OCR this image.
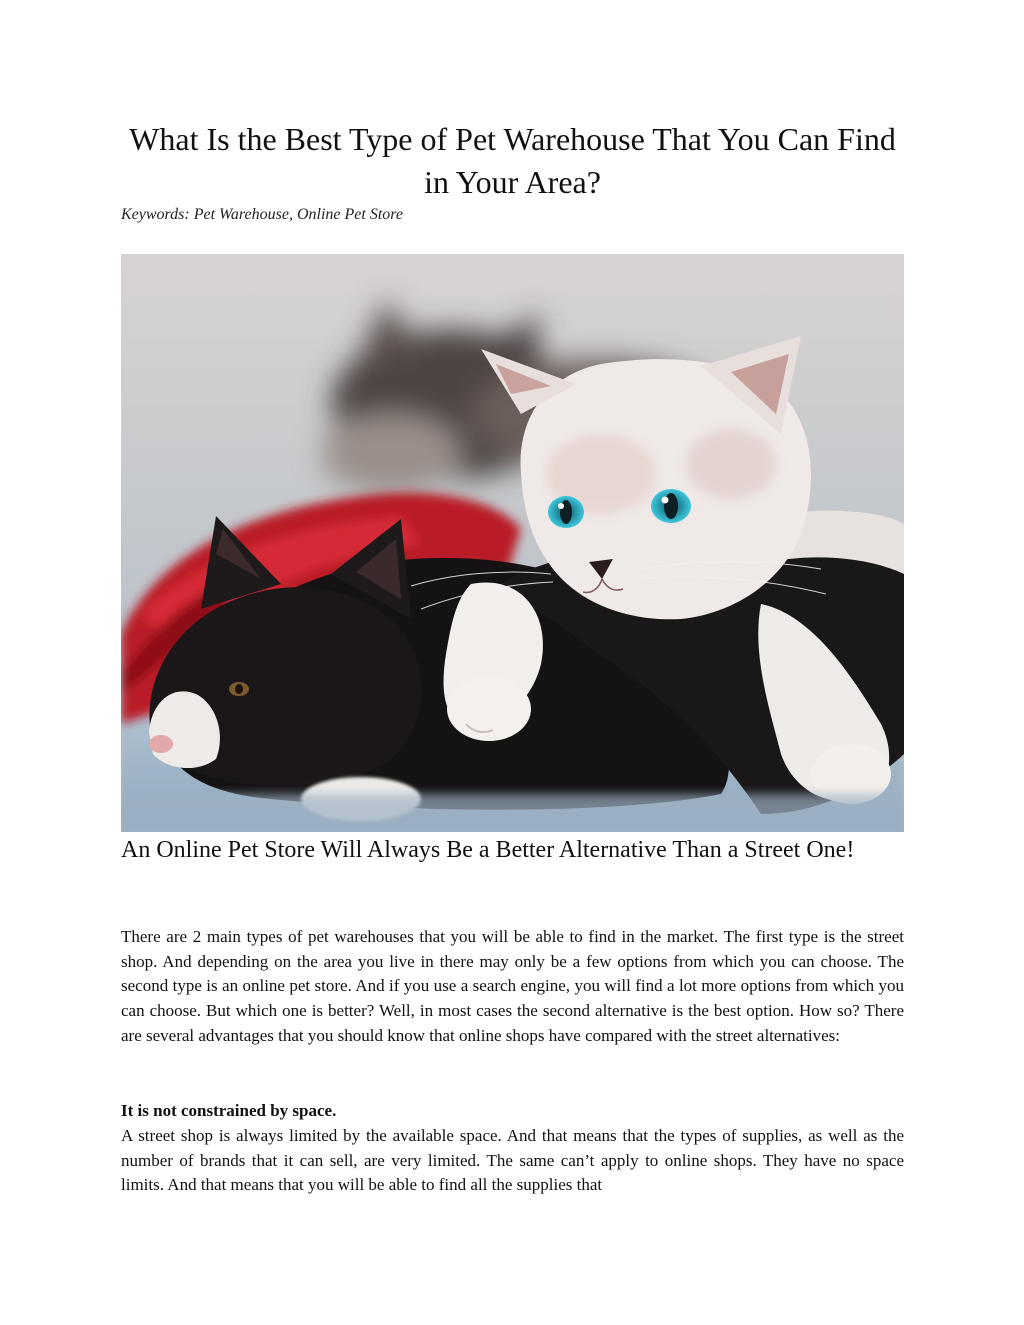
What Is the Best Type of Pet Warehouse That You Can Find in Your Area?

Keywords: Pet Warehouse, Online Pet Store

An Online Pet Store Will Always Be a Better Alternative Than a Street One!

There are 2 main types of pet warehouses that you will be able to find in the market. The first type is the street shop. And depending on the area you live in there may only be a few options from which you can choose. The second type is an online pet store. And if you use a search engine, you will find a lot more options from which you can choose. But which one is better? Well, in most cases the second alternative is the best option. How so? There are several advantages that you should know that online shops have compared with the street alternatives:

It is not constrained by space.

A street shop is always limited by the available space. And that means that the types of supplies, as well as the number of brands that it can sell, are very limited. The same can’t apply to online shops. They have no space limits. And that means that you will be able to find all the supplies that
